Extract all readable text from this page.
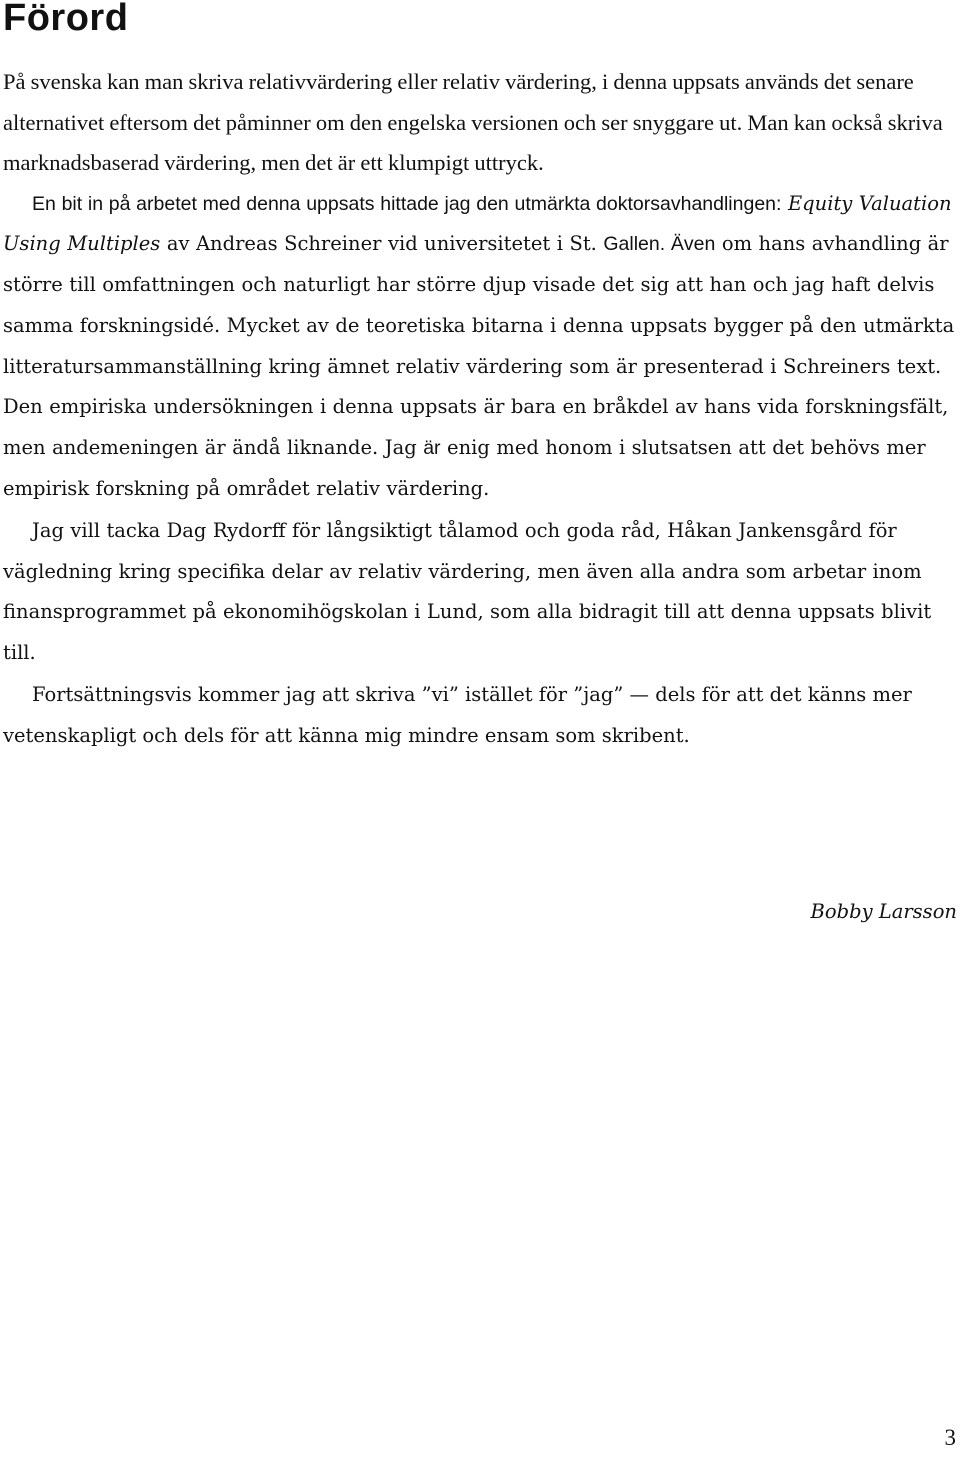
Förord

På svenska kan man skriva relativvärdering eller relativ värdering, i denna uppsats används det senare alternativet eftersom det påminner om den engelska versionen och ser snyggare ut. Man kan också skriva marknadsbaserad värdering, men det är ett klumpigt uttryck.

En bit in på arbetet med denna uppsats hittade jag den utmärkta doktorsavhandlingen: Equity Valuation Using Multiples av Andreas Schreiner vid universitetet i St. Gallen. Även om hans avhandling är större till omfattningen och naturligt har större djup visade det sig att han och jag haft delvis samma forskningsidé. Mycket av de teoretiska bitarna i denna uppsats bygger på den utmärkta litteratursammanställning kring ämnet relativ värdering som är presenterad i Schreiners text. Den empiriska undersökningen i denna uppsats är bara en bråkdel av hans vida forskningsfält, men andemeningen är ändå liknande. Jag är enig med honom i slutsatsen att det behövs mer empirisk forskning på området relativ värdering.

Jag vill tacka Dag Rydorff för långsiktigt tålamod och goda råd, Håkan Jankensgård för vägledning kring specifika delar av relativ värdering, men även alla andra som arbetar inom finansprogrammet på ekonomihögskolan i Lund, som alla bidragit till att denna uppsats blivit till.

Fortsättningsvis kommer jag att skriva ”vi” istället för ”jag” — dels för att det känns mer vetenskapligt och dels för att känna mig mindre ensam som skribent.

Bobby Larsson

3
